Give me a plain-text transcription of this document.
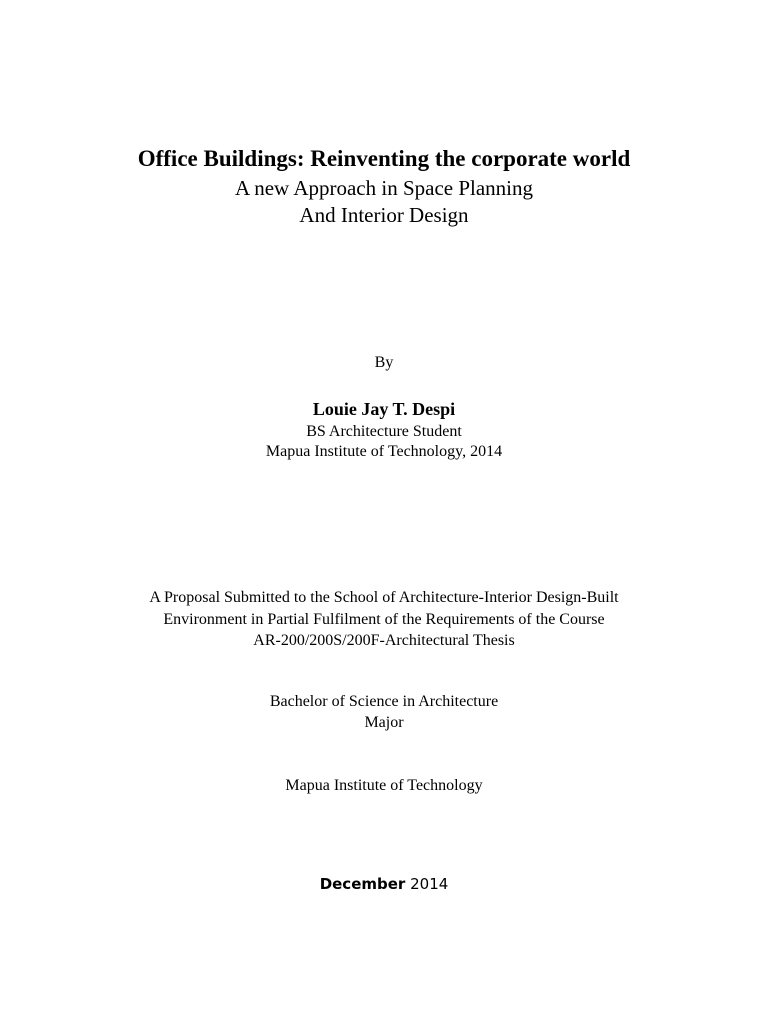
Office Buildings: Reinventing the corporate world
A new Approach in Space Planning
And Interior Design
By
Louie Jay T. Despi
BS Architecture Student
Mapua Institute of Technology, 2014
A Proposal Submitted to the School of Architecture-Interior Design-Built
Environment in Partial Fulfilment of the Requirements of the Course
AR-200/200S/200F-Architectural Thesis
Bachelor of Science in Architecture
Major
Mapua Institute of Technology
December 2014
